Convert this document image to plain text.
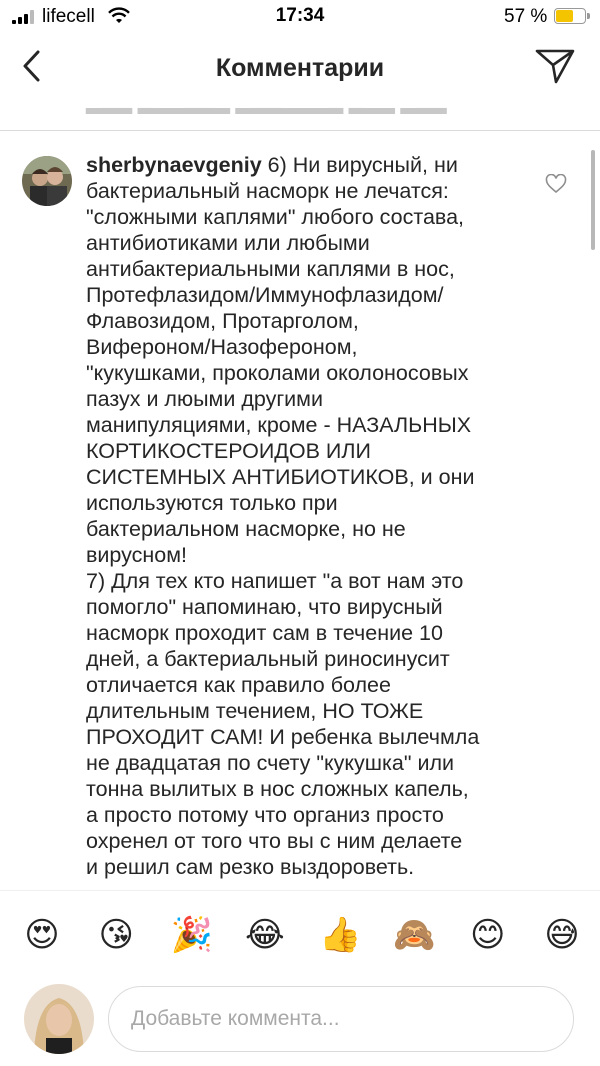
lifecell	17:34	57 %
Комментарии
▂▂▂ ▂▂▂▂▂▂ ▂▂▂▂▂▂▂ ▂▂▂ ▂▂▂
sherbynaevgeniy 6) Ни вирусный, ни
бактериальный насморк не лечатся:
"сложными каплями" любого состава,
антибиотиками или любыми
антибактериальными каплями в нос,
Протефлазидом/Иммунофлазидом/
Флавозидом, Протарголом,
Вифероном/Назофероном,
"кукушками, проколами околоносовых
пазух и люыми другими
манипуляциями, кроме - НАЗАЛЬНЫХ
КОРТИКОСТЕРОИДОВ ИЛИ
СИСТЕМНЫХ АНТИБИОТИКОВ, и они
используются только при
бактериальном насморке, но не
вирусном!
7) Для тех кто напишет "а вот нам это
помогло" напоминаю, что вирусный
насморк проходит сам в течение 10
дней, а бактериальный риносинусит
отличается как правило более
длительным течением, НО ТОЖЕ
ПРОХОДИТ САМ! И ребенка вылечмла
не двадцатая по счету "кукушка" или
тонна вылитых в нос сложных капель,
а просто потому что организ просто
охренел от того что вы с ним делаете
и решил сам резко выздороветь.
😍 😘 🎉 😂 👍 🙈 😊 😅
Добавьте коммента...
